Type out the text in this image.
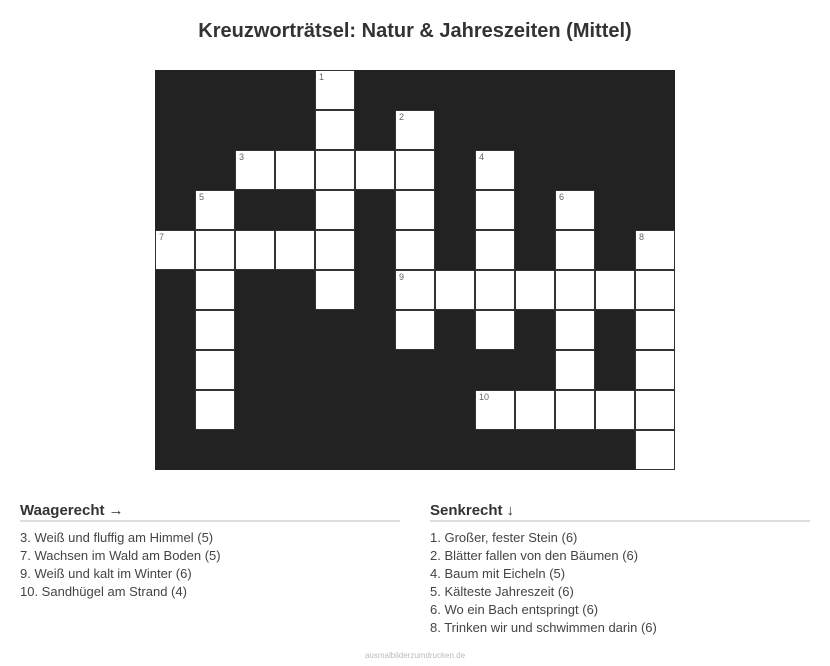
Kreuzworträtsel: Natur & Jahreszeiten (Mittel)
1
2
3	4
5	6
7	8
9
10
Waagerecht →
3. Weiß und fluffig am Himmel (5)
7. Wachsen im Wald am Boden (5)
9. Weiß und kalt im Winter (6)
10. Sandhügel am Strand (4)
Senkrecht ↓
1. Großer, fester Stein (6)
2. Blätter fallen von den Bäumen (6)
4. Baum mit Eicheln (5)
5. Kälteste Jahreszeit (6)
6. Wo ein Bach entspringt (6)
8. Trinken wir und schwimmen darin (6)
ausmalbilderzumdrucken.de
